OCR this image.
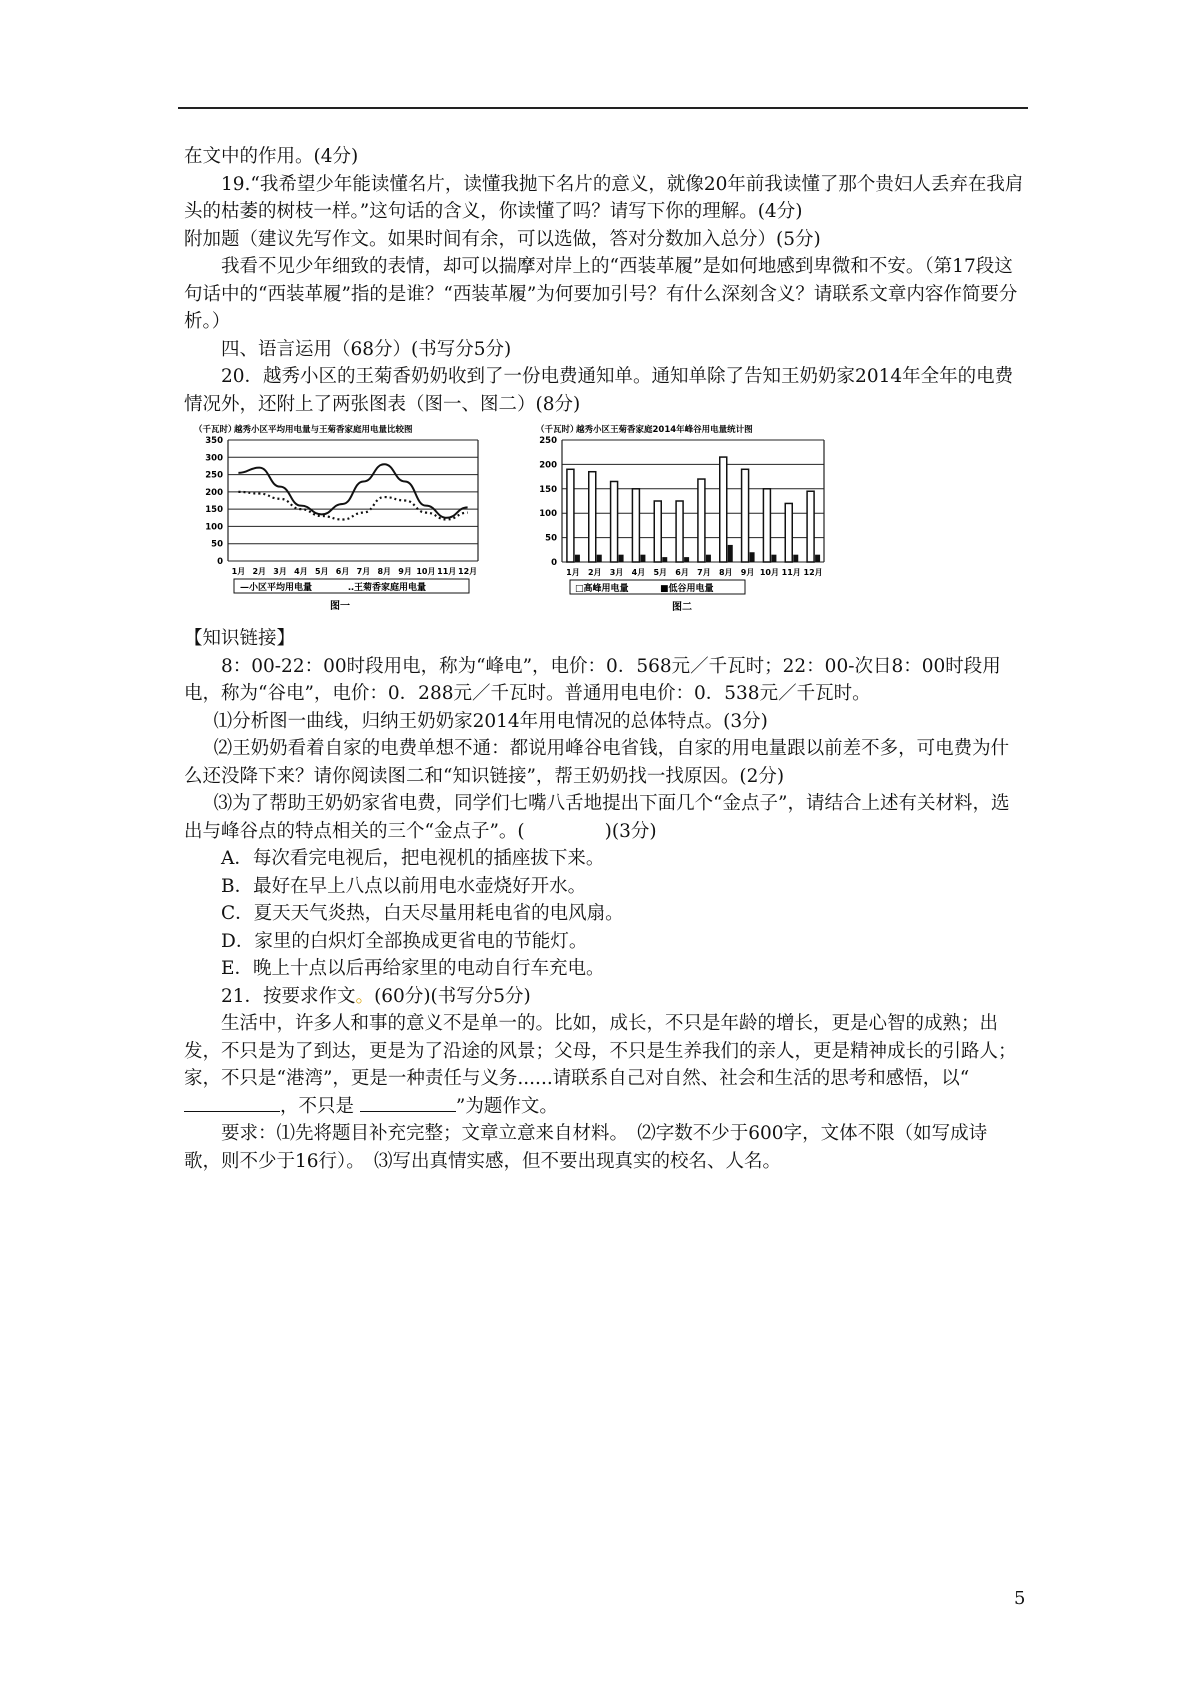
在文中的作用。(4分)

19.“我希望少年能读懂名片，读懂我抛下名片的意义，就像20年前我读懂了那个贵妇人丢弃在我肩头的枯萎的树枝一样。”这句话的含义，你读懂了吗？请写下你的理解。(4分)

附加题（建议先写作文。如果时间有余，可以选做，答对分数加入总分）(5分)

我看不见少年细致的表情，却可以揣摩对岸上的“西装革履”是如何地感到卑微和不安。（第17段这句话中的“西装革履”指的是谁？“西装革履”为何要加引号？有什么深刻含义？请联系文章内容作简要分析。）

四、语言运用（68分）(书写分5分)

20．越秀小区的王菊香奶奶收到了一份电费通知单。通知单除了告知王奶奶家2014年全年的电费情况外，还附上了两张图表（图一、图二）(8分)

（千瓦时）
越秀小区平均用电量与王菊香家庭用电量比较图
0
50
100
150
200
250
300
350
1月 2月 3月 4月 5月 6月 7月 8月 9月 10月 11月 12月
—小区平均用电量	‥王菊香家庭用电量
图一
（千瓦时）
越秀小区王菊香家庭2014年峰谷用电量统计图
0
50
100
150
200
250
1月 2月 3月 4月 5月 6月 7月 8月 9月 10月 11月 12月
□高峰用电量	■低谷用电量
图二

【知识链接】

8：00-22：00时段用电，称为“峰电”，电价：0．568元／千瓦时；22：00-次日8：00时段用电，称为“谷电”，电价：0．288元／千瓦时。普通用电电价：0．538元／千瓦时。

⑴分析图一曲线，归纳王奶奶家2014年用电情况的总体特点。(3分)

⑵王奶奶看着自家的电费单想不通：都说用峰谷电省钱，自家的用电量跟以前差不多，可电费为什么还没降下来？请你阅读图二和“知识链接”，帮王奶奶找一找原因。(2分)

⑶为了帮助王奶奶家省电费，同学们七嘴八舌地提出下面几个“金点子”，请结合上述有关材料，选出与峰谷点的特点相关的三个“金点子”。(	)(3分)

A．每次看完电视后，把电视机的插座拔下来。

B．最好在早上八点以前用电水壶烧好开水。

C．夏天天气炎热，白天尽量用耗电省的电风扇。

D．家里的白炽灯全部换成更省电的节能灯。

E．晚上十点以后再给家里的电动自行车充电。

21．按要求作文。(60分)(书写分5分)

生活中，许多人和事的意义不是单一的。比如，成长，不只是年龄的增长，更是心智的成熟；出发，不只是为了到达，更是为了沿途的风景；父母，不只是生养我们的亲人，更是精神成长的引路人；家，不只是“港湾”，更是一种责任与义务......请联系自己对自然、社会和生活的思考和感悟，以“，不只是	”为题作文。

要求：⑴先将题目补充完整；文章立意来自材料。　⑵字数不少于600字，文体不限（如写成诗歌，则不少于16行）。　⑶写出真情实感，但不要出现真实的校名、人名。

5
